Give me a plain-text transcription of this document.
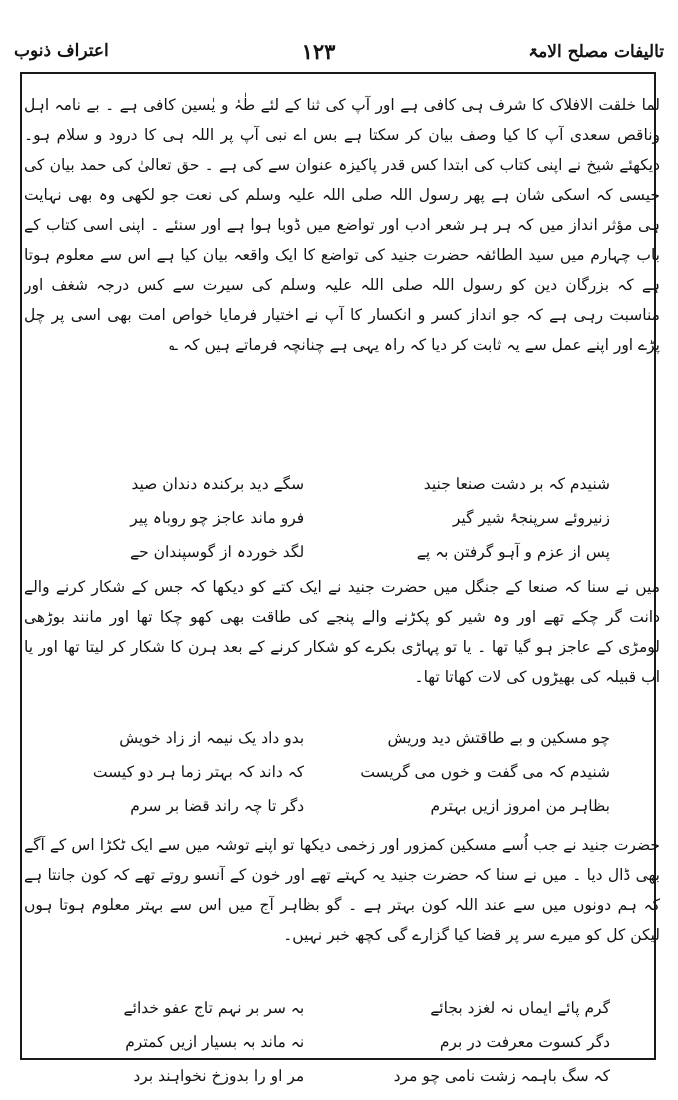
تالیفات مصلح الامۃ
۱۲۳
اعتراف ذنوب

لما خلقت الافلاک کا شرف ہی کافی ہے اور آپ کی ثنا کے لئے طٰہٰ و یٰسین کافی ہے ۔ بے نامہ اہل وناقص سعدی آپ کا کیا وصف بیان کر سکتا ہے بس اے نبی آپ پر اللہ ہی کا درود و سلام ہو۔ دیکھئے شیخ نے اپنی کتاب کی ابتدا کس قدر پاکیزہ عنوان سے کی ہے ۔ حق تعالیٰ کی حمد بیان کی جیسی کہ اسکی شان ہے پھر رسول اللہ صلی اللہ علیہ وسلم کی نعت جو لکھی وہ بھی نہایت ہی مؤثر انداز میں کہ ہر ہر شعر ادب اور تواضع میں ڈوبا ہوا ہے اور سنئے ۔ اپنی اسی کتاب کے باب چہارم میں سید الطائفہ حضرت جنید کی تواضع کا ایک واقعہ بیان کیا ہے اس سے معلوم ہوتا ہے کہ بزرگان دین کو رسول اللہ صلی اللہ علیہ وسلم کی سیرت سے کس درجہ شغف اور مناسبت رہی ہے کہ جو انداز کسر و انکسار کا آپ نے اختیار فرمایا خواص امت بھی اسی پر چل پڑے اور اپنے عمل سے یہ ثابت کر دیا کہ راہ یہی ہے چنانچہ فرماتے ہیں کہ ؎

شنیدم کہ بر دشت صنعا جنید
سگے دید برکندہ دندان صید
زنیروئے سرپنجۂ شیر گیر
فرو ماند عاجز چو روباہ پیر
پس از عزم و آہو گرفتن بہ پے
لگد خوردہ از گوسپندان حے

میں نے سنا کہ صنعا کے جنگل میں حضرت جنید نے ایک کتے کو دیکھا کہ جس کے شکار کرنے والے دانت گر چکے تھے اور وہ شیر کو پکڑنے والے پنجے کی طاقت بھی کھو چکا تھا اور مانند بوڑھی لومڑی کے عاجز ہو گیا تھا ۔ یا تو پہاڑی بکرے کو شکار کرنے کے بعد ہرن کا شکار کر لیتا تھا اور یا اب قبیلہ کی بھیڑوں کی لات کھاتا تھا۔

چو مسکین و بے طاقتش دید وریش
بدو داد یک نیمہ از زاد خویش
شنیدم کہ می گفت و خوں می گریست
کہ داند کہ بہتر زما ہر دو کیست
بظاہر من امروز ازیں بہترم
دگر تا چہ راند قضا بر سرم

حضرت جنید نے جب اُسے مسکین کمزور اور زخمی دیکھا تو اپنے توشہ میں سے ایک ٹکڑا اس کے آگے بھی ڈال دیا ۔ میں نے سنا کہ حضرت جنید یہ کہتے تھے اور خون کے آنسو روتے تھے کہ کون جانتا ہے کہ ہم دونوں میں سے عند اللہ کون بہتر ہے ۔ گو بظاہر آج میں اس سے بہتر معلوم ہوتا ہوں لیکن کل کو میرے سر پر قضا کیا گزارے گی کچھ خبر نہیں۔

گرم پائے ایماں نہ لغزد بجائے
بہ سر بر نہم تاج عفو خدائے
دگر کسوت معرفت در برم
نہ ماند بہ بسیار ازیں کمترم
کہ سگ باہمہ زشت نامی چو مرد
مر او را بدوزخ نخواہند برد
